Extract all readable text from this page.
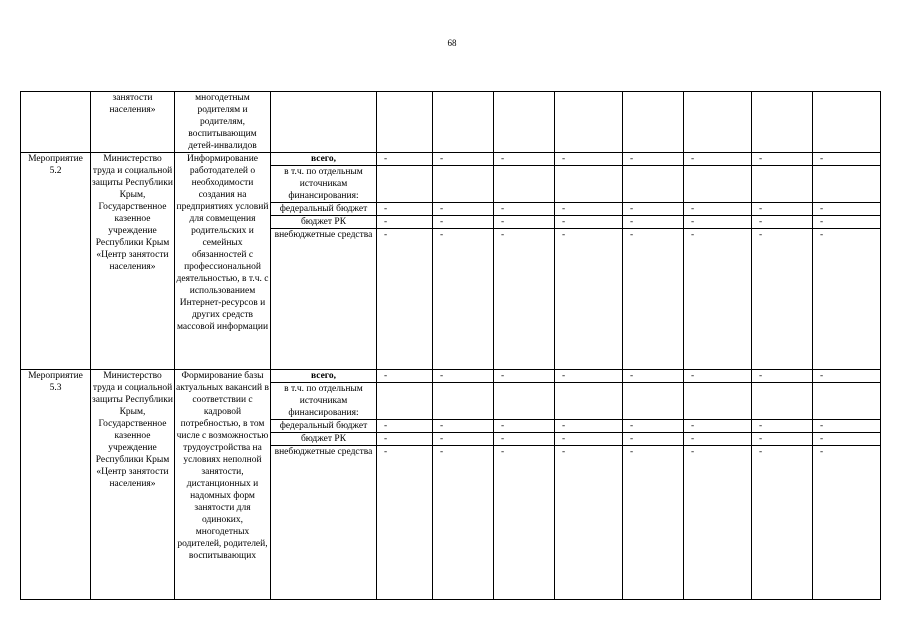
68
	занятости населения»	многодетным родителям и родителям, воспитывающим детей-инвалидов									
Мероприятие 5.2	Министерство труда и социальной защиты Республики Крым, Государственное казенное учреждение Республики Крым «Центр занятости населения»	Информирование работодателей о необходимости создания на предприятиях условий для совмещения родительских и семейных обязанностей с профессиональной деятельностью, в т.ч. с использованием Интернет-ресурсов и других средств массовой информации	всего,	-	-	-	-	-	-	-	-
			в т.ч. по отдельным источникам финансирования:								
			федеральный бюджет	-	-	-	-	-	-	-	-
			бюджет РК	-	-	-	-	-	-	-	-
			внебюджетные средства	-	-	-	-	-	-	-	-
Мероприятие 5.3	Министерство труда и социальной защиты Республики Крым, Государственное казенное учреждение Республики Крым «Центр занятости населения»	Формирование базы актуальных вакансий в соответствии с кадровой потребностью, в том числе с возможностью трудоустройства на условиях неполной занятости, дистанционных и надомных форм занятости для одиноких, многодетных родителей, родителей, воспитывающих	всего,	-	-	-	-	-	-	-	-
			в т.ч. по отдельным источникам финансирования:								
			федеральный бюджет	-	-	-	-	-	-	-	-
			бюджет РК	-	-	-	-	-	-	-	-
			внебюджетные средства	-	-	-	-	-	-	-	-
